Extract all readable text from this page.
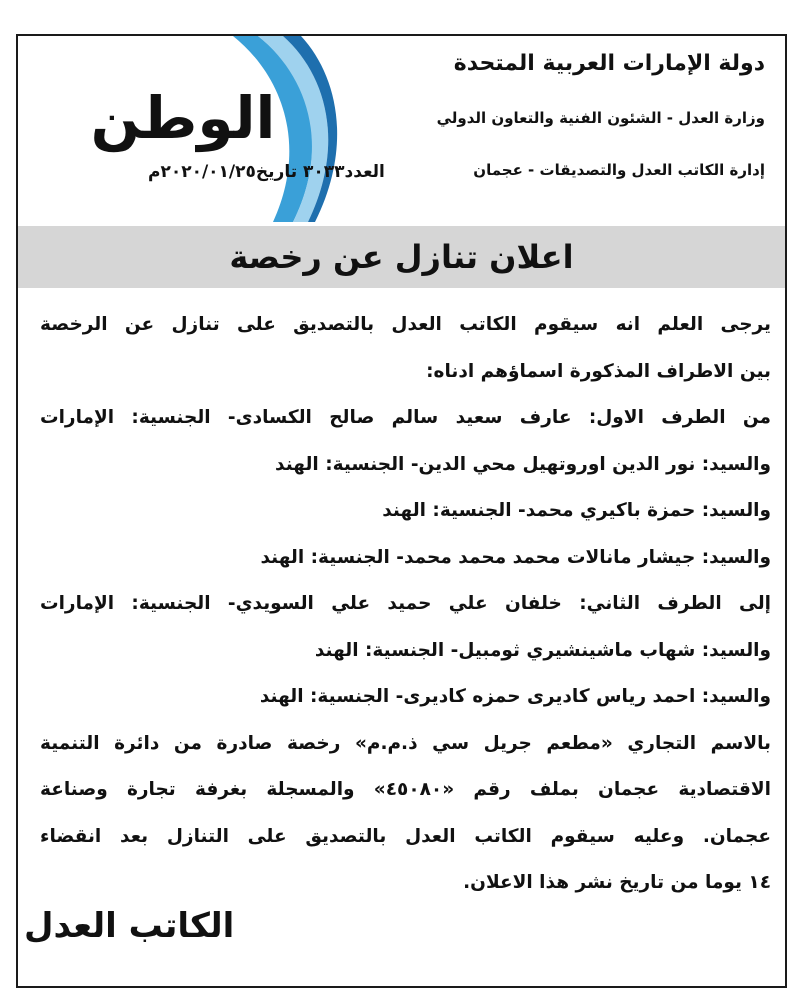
الوطن
العدد٣٠٣٣ تاريخ٢٠٢٠/٠١/٢٥م
دولة الإمارات العربية المتحدة
وزارة العدل - الشئون الفنية والتعاون الدولي
إدارة الكاتب العدل والتصديقات - عجمان
اعلان تنازل عن رخصة
يرجى العلم انه سيقوم الكاتب العدل بالتصديق على تنازل عن الرخصة
بين الاطراف المذكورة اسماؤهم ادناه:
من الطرف الاول: عارف سعيد سالم صالح الكسادى- الجنسية: الإمارات
والسيد: نور الدين اوروتهيل محي الدين- الجنسية: الهند
والسيد: حمزة باكيري محمد- الجنسية: الهند
والسيد: جيشار مانالات محمد محمد محمد- الجنسية: الهند
إلى الطرف الثاني: خلفان علي حميد علي السويدي- الجنسية: الإمارات
والسيد: شهاب ماشينشيري ثومبيل- الجنسية: الهند
والسيد: احمد رياس كاديرى حمزه كاديرى- الجنسية: الهند
بالاسم التجاري «مطعم جريل سي ذ.م.م» رخصة صادرة من دائرة التنمية
الاقتصادية عجمان بملف رقم «٤٥٠٨٠» والمسجلة بغرفة تجارة وصناعة
عجمان. وعليه سيقوم الكاتب العدل بالتصديق على التنازل بعد انقضاء
١٤ يوما من تاريخ نشر هذا الاعلان.
الكاتب العدل
